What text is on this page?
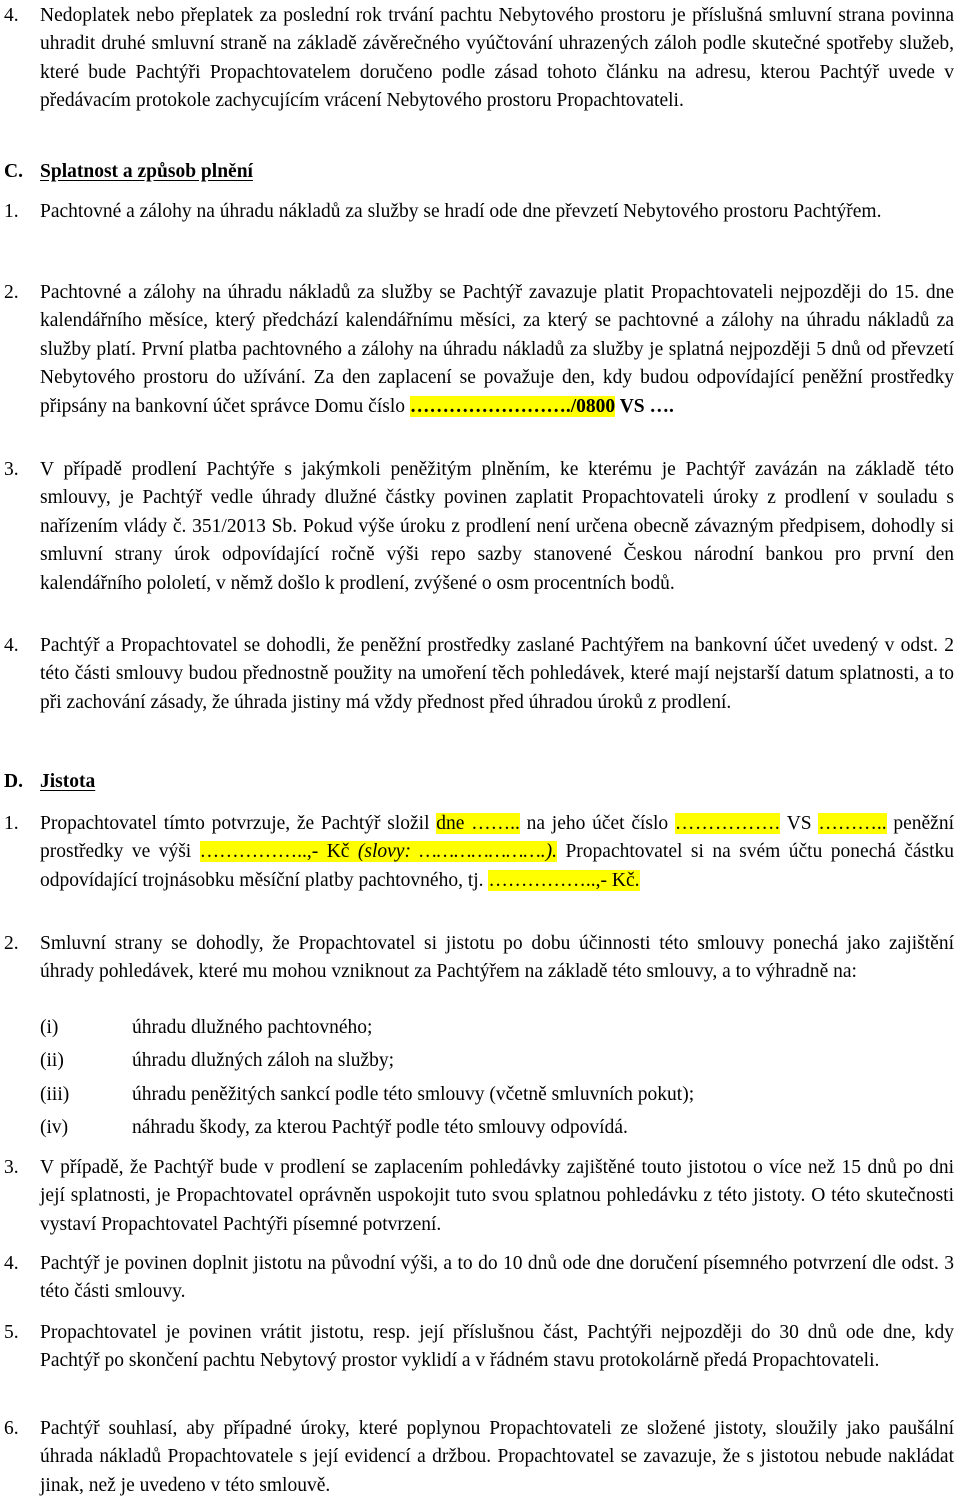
4. Nedoplatek nebo přeplatek za poslední rok trvání pachtu Nebytového prostoru je příslušná smluvní strana povinna uhradit druhé smluvní straně na základě závěrečného vyúčtování uhrazených záloh podle skutečné spotřeby služeb, které bude Pachtýři Propachtovatelem doručeno podle zásad tohoto článku na adresu, kterou Pachtýř uvede v předávacím protokole zachycujícím vrácení Nebytového prostoru Propachtovateli.
C. Splatnost a způsob plnění
1. Pachtovné a zálohy na úhradu nákladů za služby se hradí ode dne převzetí Nebytového prostoru Pachtýřem.
2. Pachtovné a zálohy na úhradu nákladů za služby se Pachtýř zavazuje platit Propachtovateli nejpozději do 15. dne kalendářního měsíce, který předchází kalendářnímu měsíci, za který se pachtovné a zálohy na úhradu nákladů za služby platí. První platba pachtovného a zálohy na úhradu nákladů za služby je splatná nejpozději 5 dnů od převzetí Nebytového prostoru do užívání. Za den zaplacení se považuje den, kdy budou odpovídající peněžní prostředky připsány na bankovní účet správce Domu číslo ……………………./0800 VS ….
3. V případě prodlení Pachtýře s jakýmkoli peněžitým plněním, ke kterému je Pachtýř zavázán na základě této smlouvy, je Pachtýř vedle úhrady dlužné částky povinen zaplatit Propachtovateli úroky z prodlení v souladu s nařízením vlády č. 351/2013 Sb. Pokud výše úroku z prodlení není určena obecně závazným předpisem, dohodly si smluvní strany úrok odpovídající ročně výši repo sazby stanovené Českou národní bankou pro první den kalendářního pololetí, v němž došlo k prodlení, zvýšené o osm procentních bodů.
4. Pachtýř a Propachtovatel se dohodli, že peněžní prostředky zaslané Pachtýřem na bankovní účet uvedený v odst. 2 této části smlouvy budou přednostně použity na umoření těch pohledávek, které mají nejstarší datum splatnosti, a to při zachování zásady, že úhrada jistiny má vždy přednost před úhradou úroků z prodlení.
D. Jistota
1. Propachtovatel tímto potvrzuje, že Pachtýř složil dne …….. na jeho účet číslo ……………. VS ……….. peněžní prostředky ve výši ……………..,- Kč (slovy: ………………….). Propachtovatel si na svém účtu ponechá částku odpovídající trojnásobku měsíční platby pachtovného, tj. ……………..,- Kč.
2. Smluvní strany se dohodly, že Propachtovatel si jistotu po dobu účinnosti této smlouvy ponechá jako zajištění úhrady pohledávek, které mu mohou vzniknout za Pachtýřem na základě této smlouvy, a to výhradně na:
(i)	úhradu dlužného pachtovného;
(ii)	úhradu dlužných záloh na služby;
(iii)	úhradu peněžitých sankcí podle této smlouvy (včetně smluvních pokut);
(iv)	náhradu škody, za kterou Pachtýř podle této smlouvy odpovídá.
3. V případě, že Pachtýř bude v prodlení se zaplacením pohledávky zajištěné touto jistotou o více než 15 dnů po dni její splatnosti, je Propachtovatel oprávněn uspokojit tuto svou splatnou pohledávku z této jistoty. O této skutečnosti vystaví Propachtovatel Pachtýři písemné potvrzení.
4. Pachtýř je povinen doplnit jistotu na původní výši, a to do 10 dnů ode dne doručení písemného potvrzení dle odst. 3 této části smlouvy.
5. Propachtovatel je povinen vrátit jistotu, resp. její příslušnou část, Pachtýři nejpozději do 30 dnů ode dne, kdy Pachtýř po skončení pachtu Nebytový prostor vyklidí a v řádném stavu protokolárně předá Propachtovateli.
6. Pachtýř souhlasí, aby případné úroky, které poplynou Propachtovateli ze složené jistoty, sloužily jako paušální úhrada nákladů Propachtovatele s její evidencí a držbou. Propachtovatel se zavazuje, že s jistotou nebude nakládat jinak, než je uvedeno v této smlouvě.
